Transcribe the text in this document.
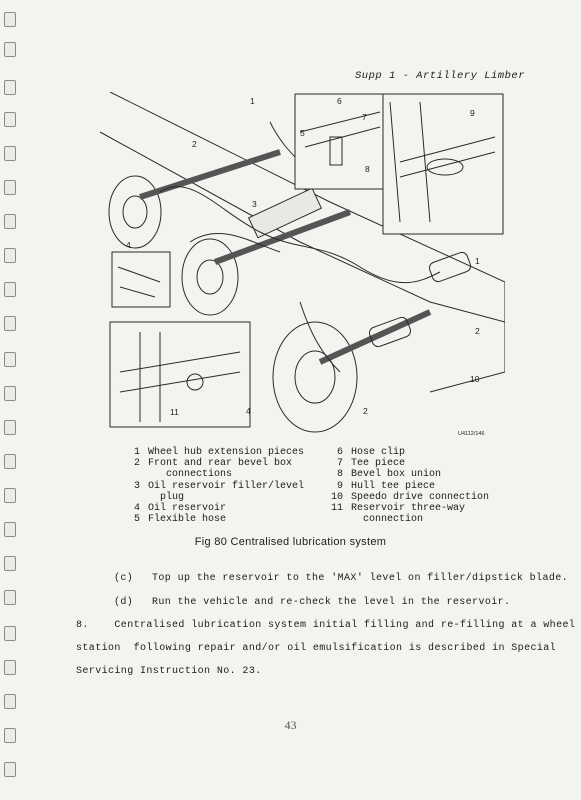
Supp 1 - Artillery Limber
1
2
3
4
5
6
7
8
9
1
2
10
11	4	2
U4112/146
1 Wheel hub extension pieces
2 Front and rear bevel box
connections
3 Oil reservoir filler/level
plug
4 Oil reservoir
5 Flexible hose
6 Hose clip
7 Tee piece
8 Bevel box union
9 Hull tee piece
10 Speedo drive connection
11 Reservoir three-way
connection
Fig 80 Centralised lubrication system
(c) Top up the reservoir to the 'MAX' level on filler/dipstick blade.
(d) Run the vehicle and re-check the level in the reservoir.
8.    Centralised lubrication system initial filling and re-filling at a wheel
station  following repair and/or oil emulsification is described in Special
Servicing Instruction No. 23.
43
